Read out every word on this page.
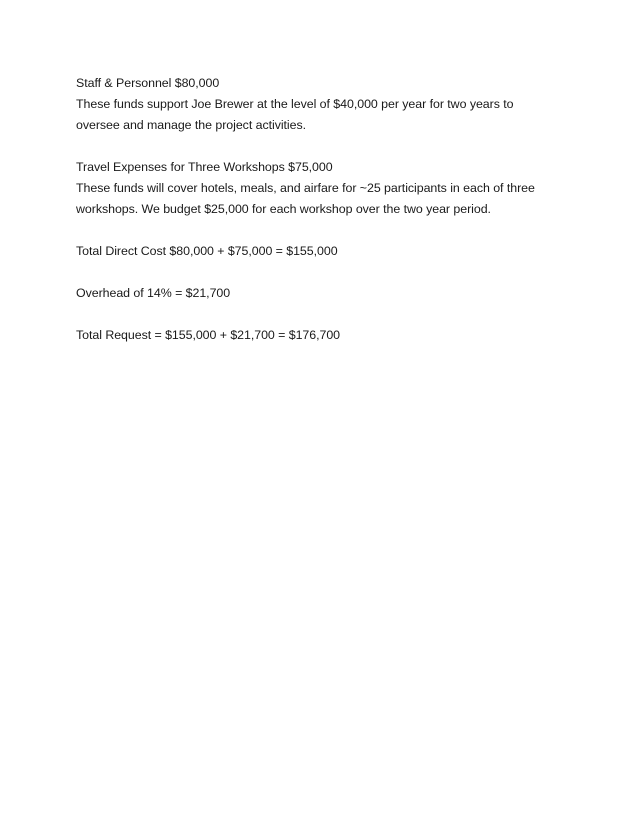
Staff & Personnel $80,000
These funds support Joe Brewer at the level of $40,000 per year for two years to oversee and manage the project activities.
Travel Expenses for Three Workshops $75,000
These funds will cover hotels, meals, and airfare for ~25 participants in each of three workshops. We budget $25,000 for each workshop over the two year period.
Total Direct Cost $80,000 + $75,000 = $155,000
Overhead of 14% = $21,700
Total Request = $155,000 + $21,700 = $176,700
